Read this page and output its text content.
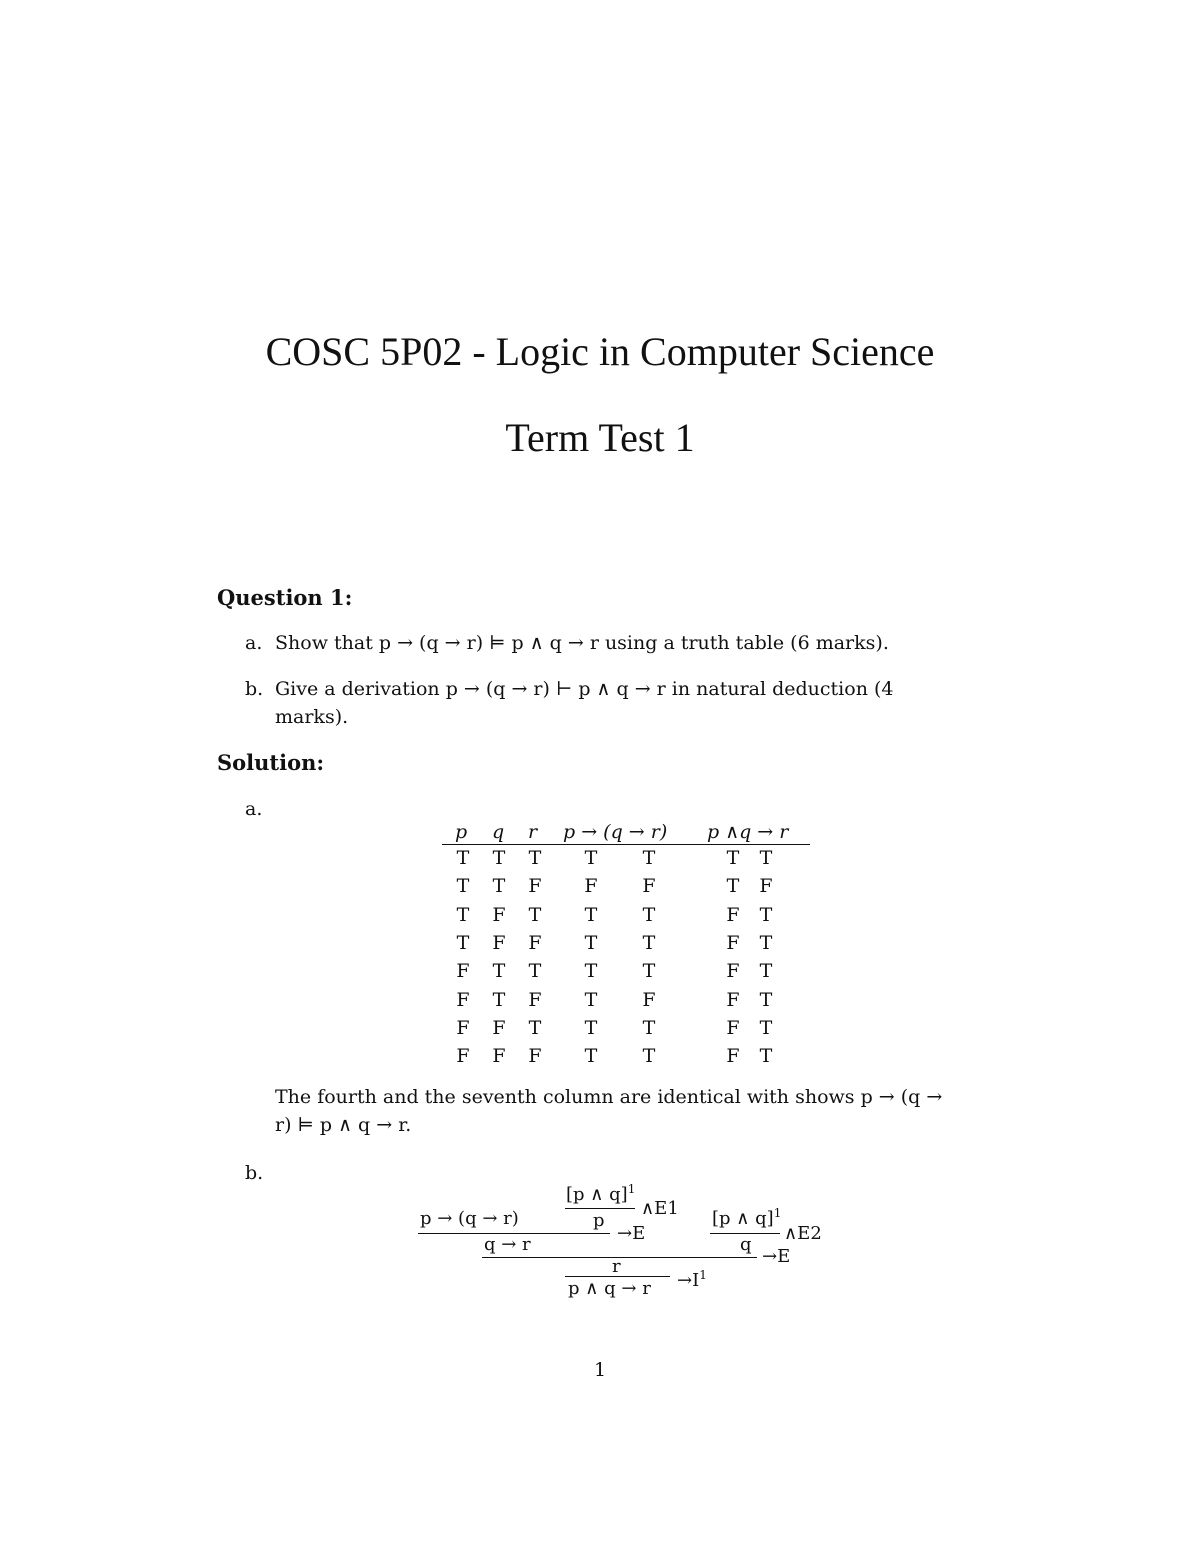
COSC 5P02 - Logic in Computer Science
Term Test 1
Question 1:
a. Show that p → (q → r) ⊨ p ∧ q → r using a truth table (6 marks).
b. Give a derivation p → (q → r) ⊢ p ∧ q → r in natural deduction (4
marks).
Solution:
a.
p q r p → (q → r) p ∧q → r
T T T T T	T T
T T F F F	T F
T F T T T	F T
T F F T T	F T
F T T T T	F T
F T F T F	F T
F F T T T	F T
F F F T T	F T
The fourth and the seventh column are identical with shows p → (q →
r) ⊨ p ∧ q → r.
b.
[p ∧ q]$^1$
∧E1
p
p → (q → r)
→E
q → r
[p ∧ q]$^1$
∧E2
q
→E
r
$\to I^1$
p ∧ q → r
1
